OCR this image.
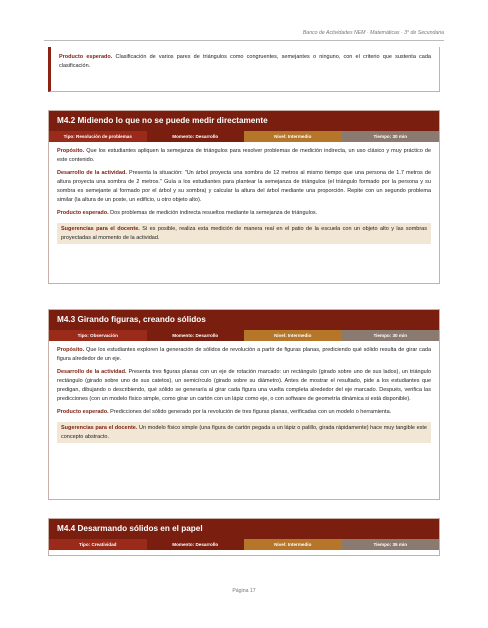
Banco de Actividades NEM · Matemáticas · 3° de Secundaria

Producto esperado. Clasificación de varios pares de triángulos como congruentes, semejantes o ninguno, con el criterio que sustenta cada clasificación.

M4.2 Midiendo lo que no se puede medir directamente
Tipo: Resolución de problemas	Momento: Desarrollo	Nivel: Intermedio	Tiempo: 30 min

Propósito. Que los estudiantes apliquen la semejanza de triángulos para resolver problemas de medición indirecta, un uso clásico y muy práctico de este contenido.

Desarrollo de la actividad. Presenta la situación: "Un árbol proyecta una sombra de 12 metros al mismo tiempo que una persona de 1.7 metros de altura proyecta una sombra de 2 metros." Guía a los estudiantes para plantear la semejanza de triángulos (el triángulo formado por la persona y su sombra es semejante al formado por el árbol y su sombra) y calcular la altura del árbol mediante una proporción. Repite con un segundo problema similar (la altura de un poste, un edificio, u otro objeto alto).

Producto esperado. Dos problemas de medición indirecta resueltos mediante la semejanza de triángulos.

Sugerencias para el docente. Si es posible, realiza esta medición de manera real en el patio de la escuela con un objeto alto y las sombras proyectadas al momento de la actividad.
M4.3 Girando figuras, creando sólidos
Tipo: Observación	Momento: Desarrollo	Nivel: Intermedio	Tiempo: 30 min

Propósito. Que los estudiantes exploren la generación de sólidos de revolución a partir de figuras planas, prediciendo qué sólido resulta de girar cada figura alrededor de un eje.

Desarrollo de la actividad. Presenta tres figuras planas con un eje de rotación marcado: un rectángulo (girado sobre uno de sus lados), un triángulo rectángulo (girado sobre uno de sus catetos), un semicírculo (girado sobre su diámetro). Antes de mostrar el resultado, pide a los estudiantes que predigan, dibujando o describiendo, qué sólido se generaría al girar cada figura una vuelta completa alrededor del eje marcado. Después, verifica las predicciones (con un modelo físico simple, como girar un cartón con un lápiz como eje, o con software de geometría dinámica si está disponible).

Producto esperado. Predicciones del sólido generado por la revolución de tres figuras planas, verificadas con un modelo o herramienta.

Sugerencias para el docente. Un modelo físico simple (una figura de cartón pegada a un lápiz o palillo, girada rápidamente) hace muy tangible este concepto abstracto.
M4.4 Desarmando sólidos en el papel
Tipo: Creatividad	Momento: Desarrollo	Nivel: Intermedio	Tiempo: 35 min
Página 17
